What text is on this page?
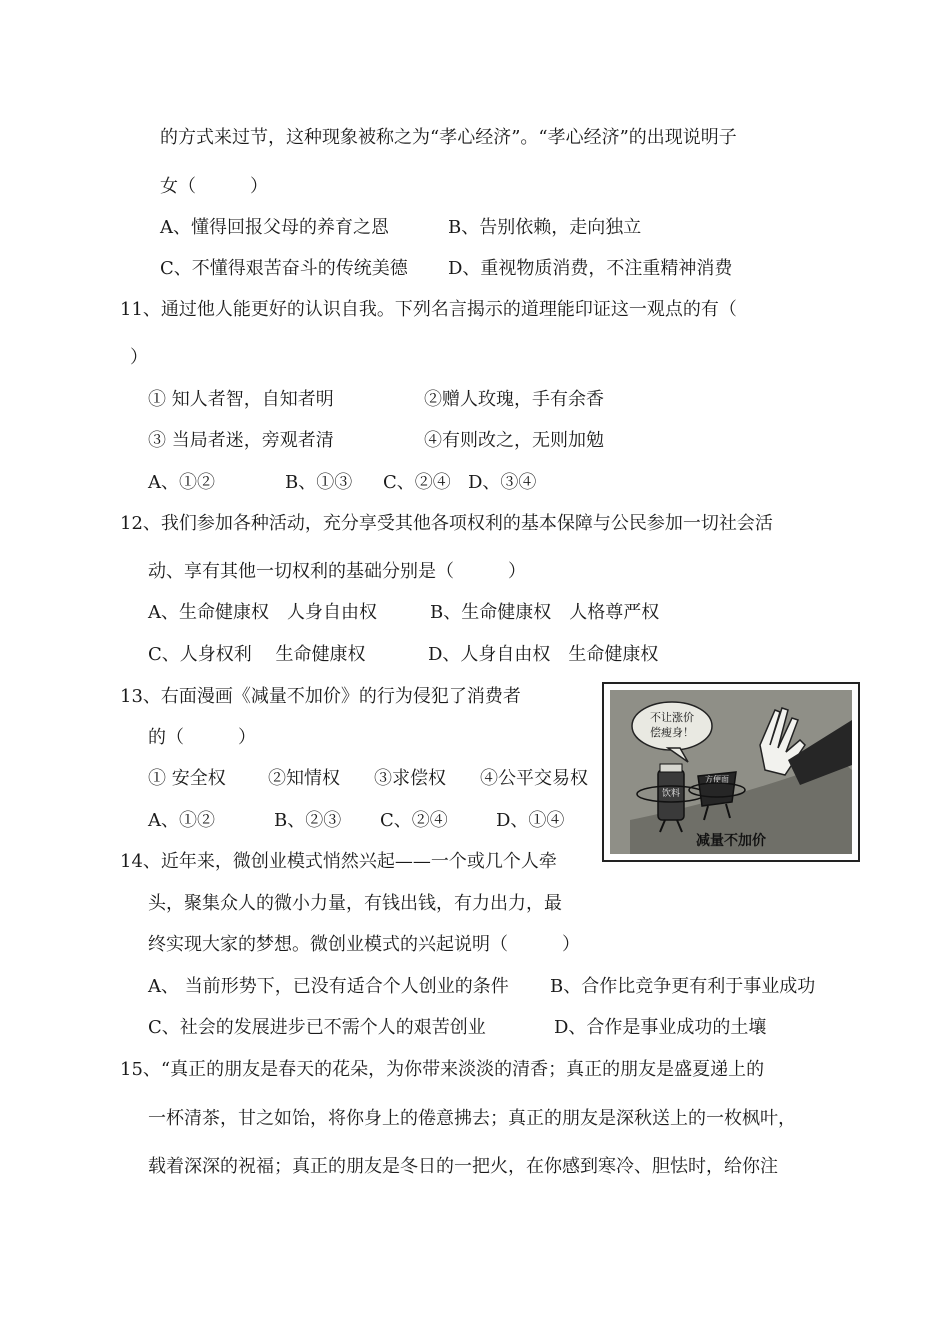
的方式来过节，这种现象被称之为“孝心经济”。“孝心经济”的出现说明子
女（　　　）
A、懂得回报父母的养育之恩	B、告别依赖，走向独立
C、不懂得艰苦奋斗的传统美德 D、重视物质消费，不注重精神消费
11、通过他人能更好的认识自我。下列名言揭示的道理能印证这一观点的有（
）
① 知人者智，自知者明	②赠人玫瑰，手有余香
③ 当局者迷，旁观者清	④有则改之，无则加勉
A、①②	B、①③ C、②④ D、③④
12、我们参加各种活动，充分享受其他各项权利的基本保障与公民参加一切社会活
动、享有其他一切权利的基础分别是（　　　）
A、生命健康权　人身自由权	B、生命健康权　人格尊严权
C、人身权利　 生命健康权	D、人身自由权　生命健康权
13、右面漫画《减量不加价》的行为侵犯了消费者
的（　　　）
① 安全权 ②知情权 ③求偿权 ④公平交易权
A、①②	B、②③ C、②④	D、①④
不让涨价
偿瘦身！
饮料
方便面
减量不加价
14、近年来，微创业模式悄然兴起——一个或几个人牵
头，聚集众人的微小力量，有钱出钱，有力出力，最
终实现大家的梦想。微创业模式的兴起说明（　　　）
A、 当前形势下，已没有适合个人创业的条件 B、合作比竞争更有利于事业成功
C、社会的发展进步已不需个人的艰苦创业	D、合作是事业成功的土壤
15、“真正的朋友是春天的花朵，为你带来淡淡的清香；真正的朋友是盛夏递上的
一杯清茶，甘之如饴，将你身上的倦意拂去；真正的朋友是深秋送上的一枚枫叶，
载着深深的祝福；真正的朋友是冬日的一把火，在你感到寒冷、胆怯时，给你注
